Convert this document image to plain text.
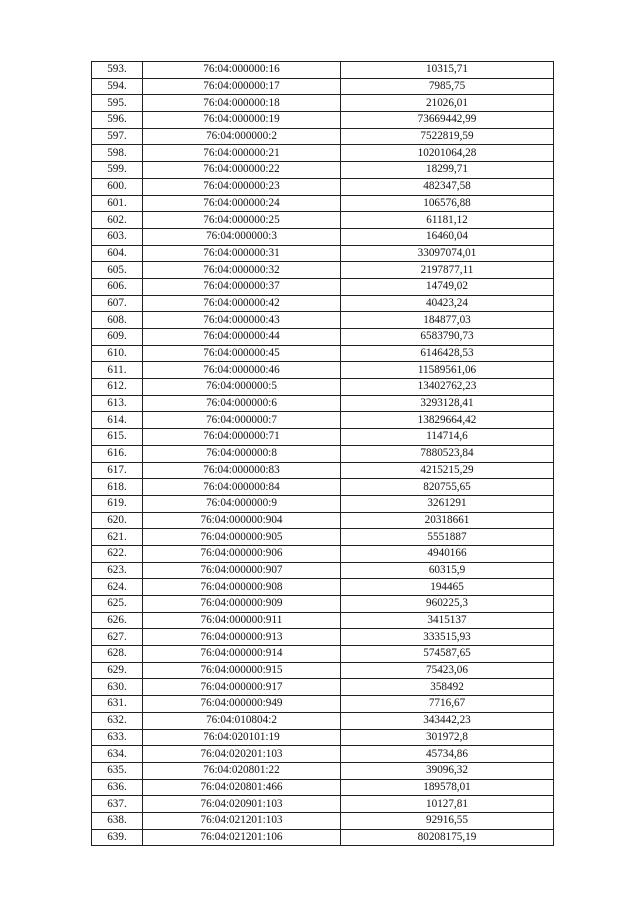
593.	76:04:000000:16	10315,71
594.	76:04:000000:17	7985,75
595.	76:04:000000:18	21026,01
596.	76:04:000000:19	73669442,99
597.	76:04:000000:2	7522819,59
598.	76:04:000000:21	10201064,28
599.	76:04:000000:22	18299,71
600.	76:04:000000:23	482347,58
601.	76:04:000000:24	106576,88
602.	76:04:000000:25	61181,12
603.	76:04:000000:3	16460,04
604.	76:04:000000:31	33097074,01
605.	76:04:000000:32	2197877,11
606.	76:04:000000:37	14749,02
607.	76:04:000000:42	40423,24
608.	76:04:000000:43	184877,03
609.	76:04:000000:44	6583790,73
610.	76:04:000000:45	6146428,53
611.	76:04:000000:46	11589561,06
612.	76:04:000000:5	13402762,23
613.	76:04:000000:6	3293128,41
614.	76:04:000000:7	13829664,42
615.	76:04:000000:71	114714,6
616.	76:04:000000:8	7880523,84
617.	76:04:000000:83	4215215,29
618.	76:04:000000:84	820755,65
619.	76:04:000000:9	3261291
620.	76:04:000000:904	20318661
621.	76:04:000000:905	5551887
622.	76:04:000000:906	4940166
623.	76:04:000000:907	60315,9
624.	76:04:000000:908	194465
625.	76:04:000000:909	960225,3
626.	76:04:000000:911	3415137
627.	76:04:000000:913	333515,93
628.	76:04:000000:914	574587,65
629.	76:04:000000:915	75423,06
630.	76:04:000000:917	358492
631.	76:04:000000:949	7716,67
632.	76:04:010804:2	343442,23
633.	76:04:020101:19	301972,8
634.	76:04:020201:103	45734,86
635.	76:04:020801:22	39096,32
636.	76:04:020801:466	189578,01
637.	76:04:020901:103	10127,81
638.	76:04:021201:103	92916,55
639.	76:04:021201:106	80208175,19
